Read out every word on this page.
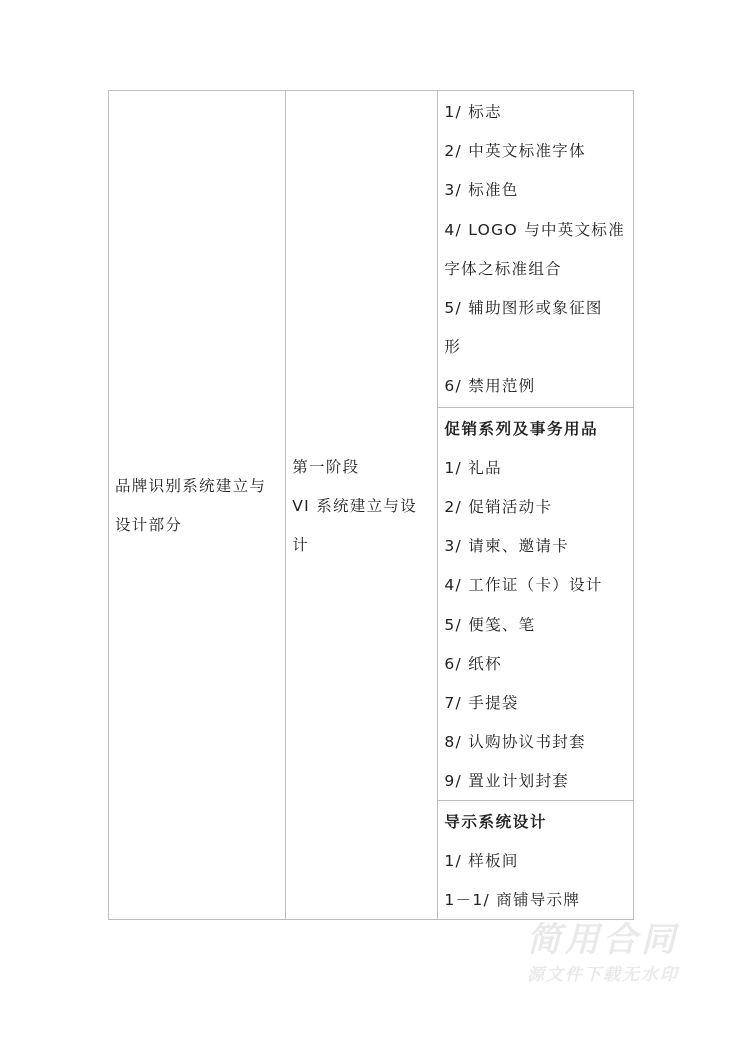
品牌识别系统建立与
设计部分
第一阶段
VI 系统建立与设计
1/ 标志
2/ 中英文标准字体
3/ 标准色
4/ LOGO 与中英文标准
字体之标准组合
5/ 辅助图形或象征图
形
6/ 禁用范例
促销系列及事务用品
1/ 礼品
2/ 促销活动卡
3/ 请柬、邀请卡
4/ 工作证（卡）设计
5/ 便笺、笔
6/ 纸杯
7/ 手提袋
8/ 认购协议书封套
9/ 置业计划封套
导示系统设计
1/ 样板间
1－1/ 商铺导示牌
简用合同
源文件下载无水印
